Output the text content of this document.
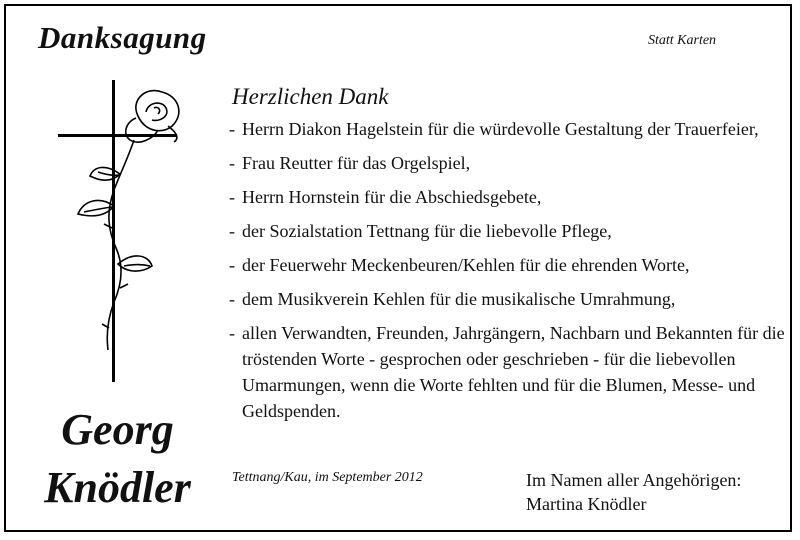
Danksagung	Statt Karten
Georg
Knödler
Herzlichen Dank
- Herrn Diakon Hagelstein für die würdevolle Gestaltung der Trauerfeier,
- Frau Reutter für das Orgelspiel,
- Herrn Hornstein für die Abschiedsgebete,
- der Sozialstation Tettnang für die liebevolle Pflege,
- der Feuerwehr Meckenbeuren/Kehlen für die ehrenden Worte,
- dem Musikverein Kehlen für die musikalische Umrahmung,
- allen Verwandten, Freunden, Jahrgängern, Nachbarn und Bekannten für die tröstenden Worte - gesprochen oder geschrieben - für die liebevollen Umarmungen, wenn die Worte fehlten und für die Blumen, Messe- und Geldspenden.
Tettnang/Kau, im September 2012	Im Namen aller Angehörigen:
Martina Knödler
